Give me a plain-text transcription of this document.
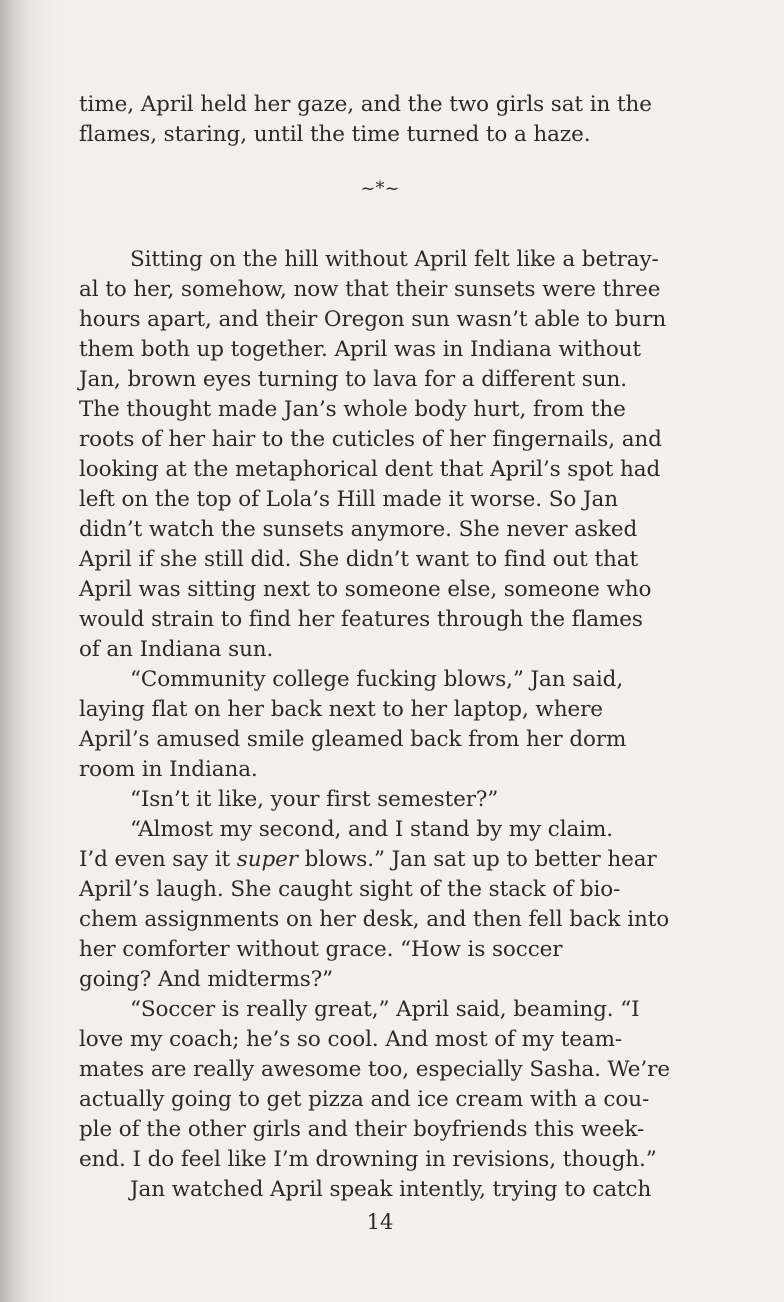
time, April held her gaze, and the two girls sat in the
flames, staring, until the time turned to a haze.
~*~
Sitting on the hill without April felt like a betray-
al to her, somehow, now that their sunsets were three
hours apart, and their Oregon sun wasn’t able to burn
them both up together. April was in Indiana without
Jan, brown eyes turning to lava for a different sun.
The thought made Jan’s whole body hurt, from the
roots of her hair to the cuticles of her fingernails, and
looking at the metaphorical dent that April’s spot had
left on the top of Lola’s Hill made it worse. So Jan
didn’t watch the sunsets anymore. She never asked
April if she still did. She didn’t want to find out that
April was sitting next to someone else, someone who
would strain to find her features through the flames
of an Indiana sun.
“Community college fucking blows,” Jan said,
laying flat on her back next to her laptop, where
April’s amused smile gleamed back from her dorm
room in Indiana.
“Isn’t it like, your first semester?”
“Almost my second, and I stand by my claim.
I’d even say it super blows.” Jan sat up to better hear
April’s laugh. She caught sight of the stack of bio-
chem assignments on her desk, and then fell back into
her comforter without grace. “How is soccer
going? And midterms?”
“Soccer is really great,” April said, beaming. “I
love my coach; he’s so cool. And most of my team-
mates are really awesome too, especially Sasha. We’re
actually going to get pizza and ice cream with a cou-
ple of the other girls and their boyfriends this week-
end. I do feel like I’m drowning in revisions, though.”
Jan watched April speak intently, trying to catch
14
